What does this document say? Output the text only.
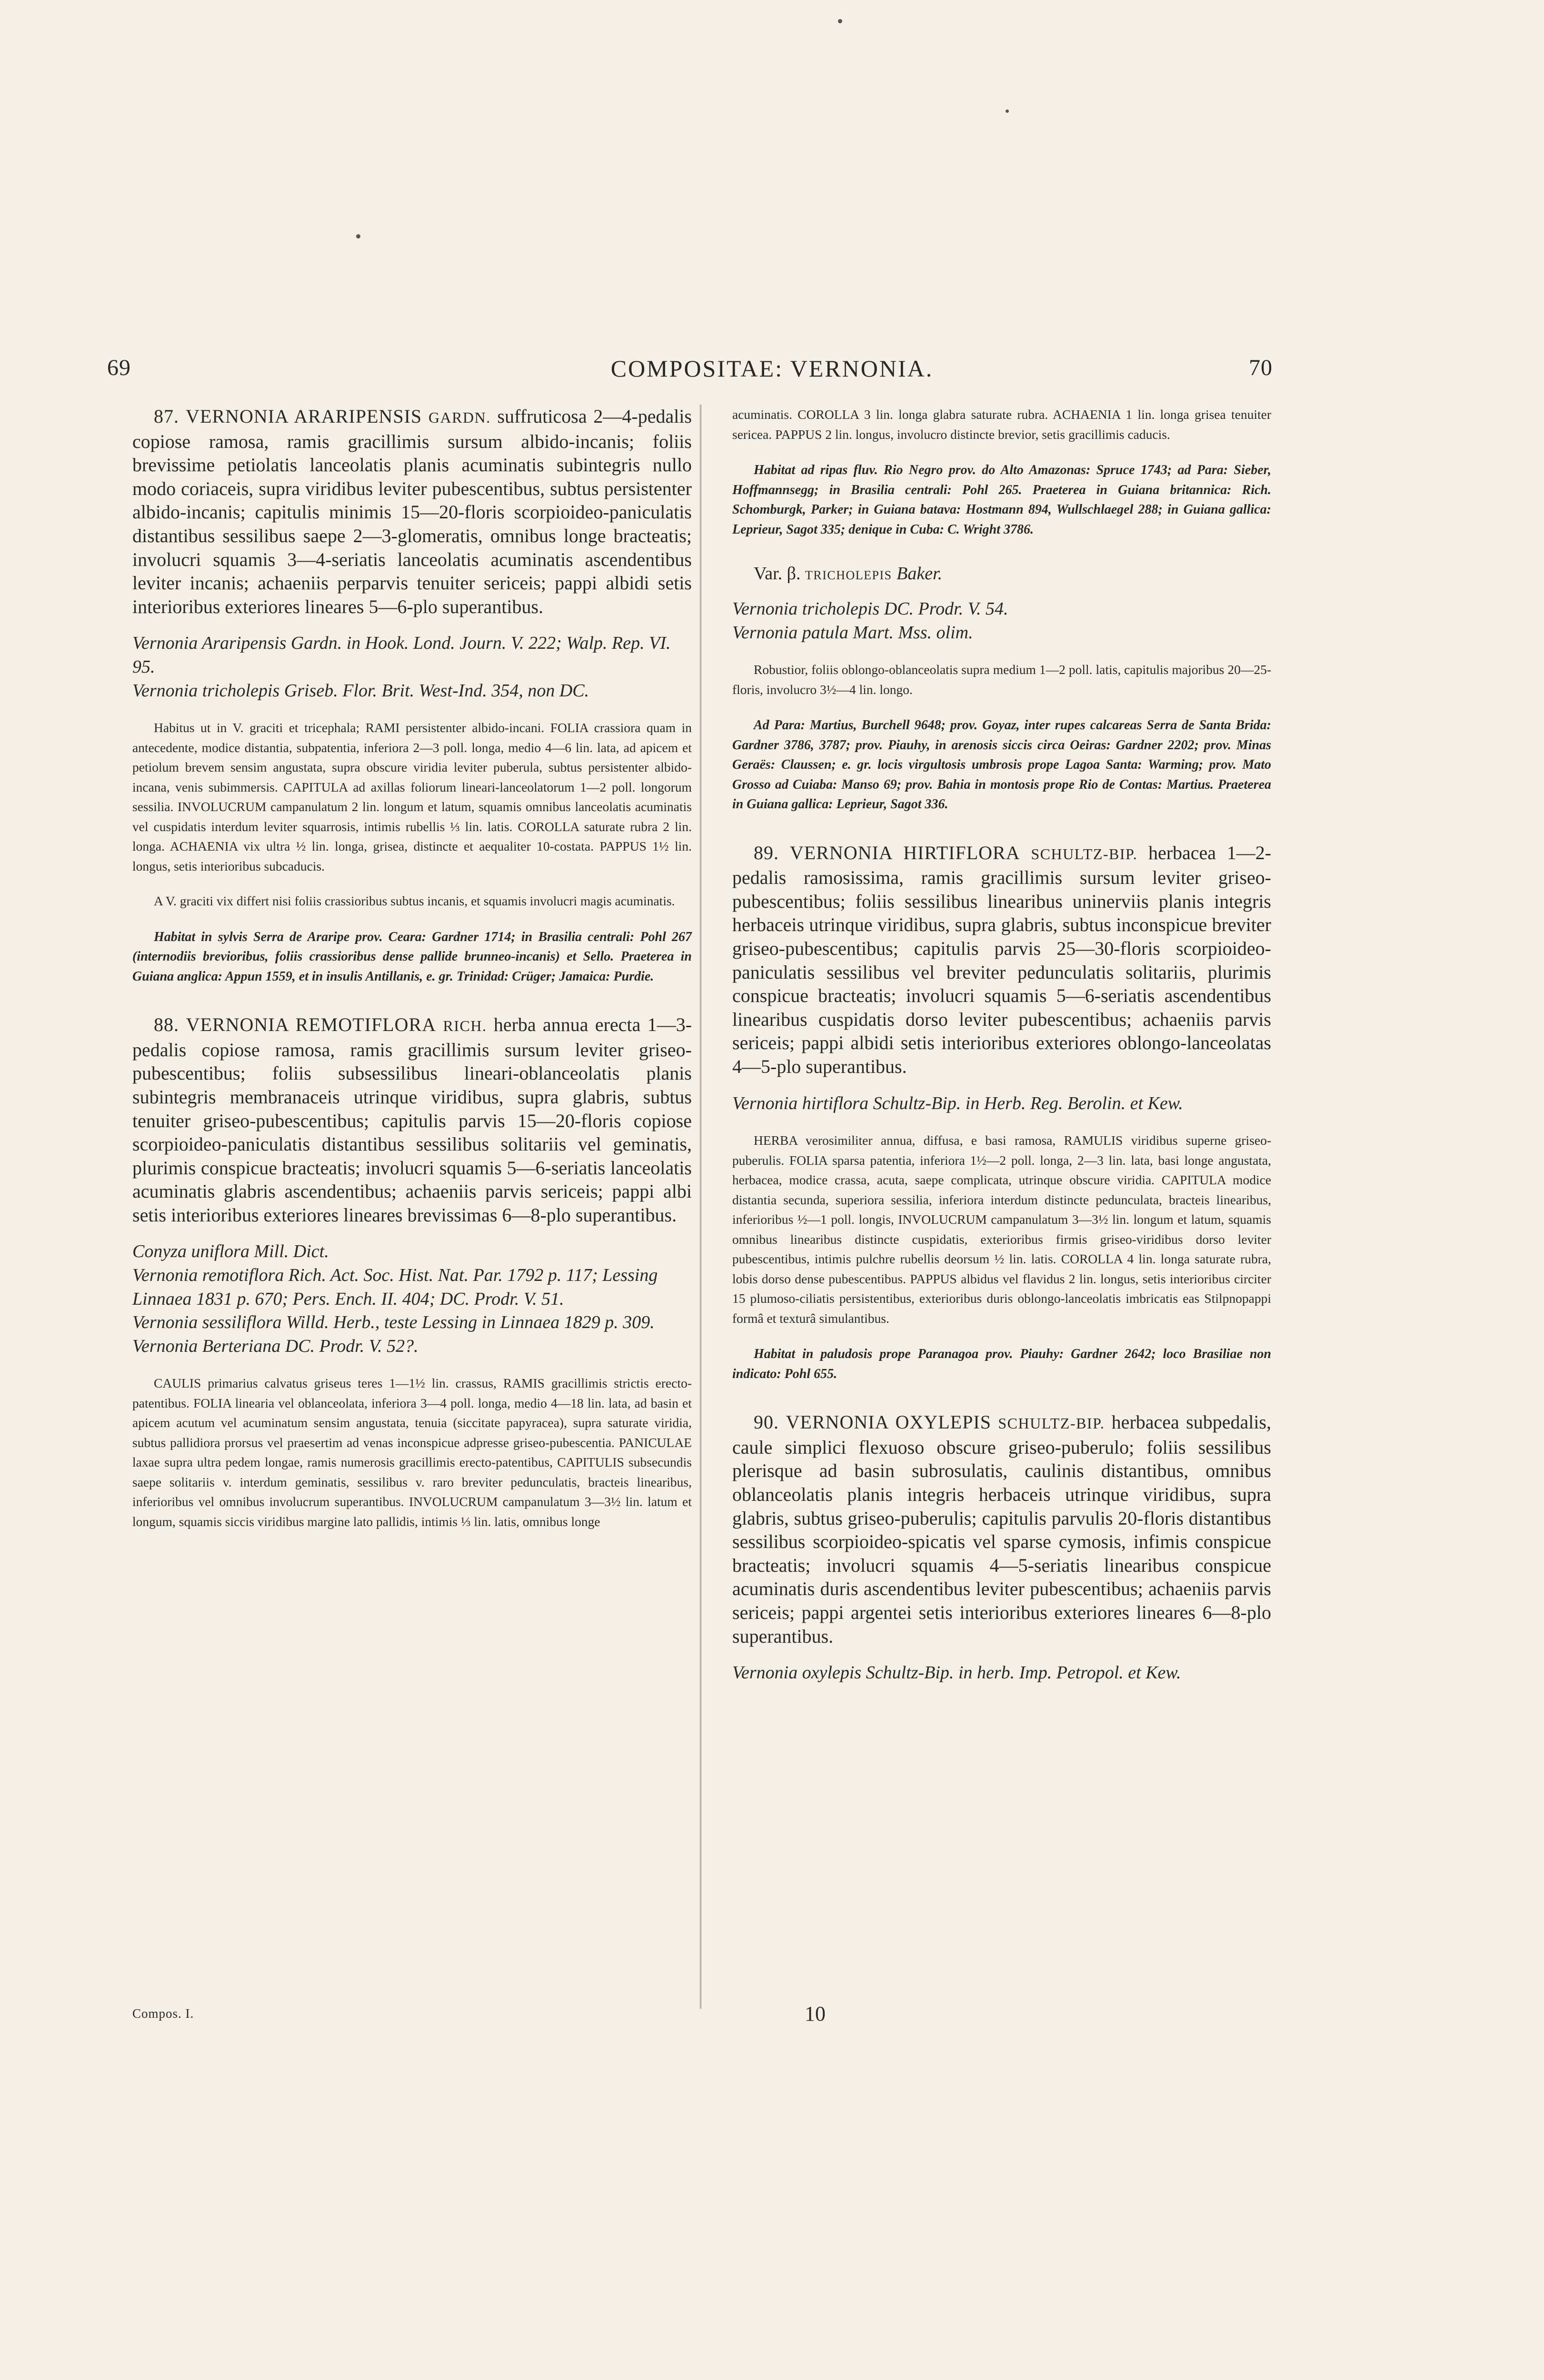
69	COMPOSITAE: VERNONIA.	70

87. VERNONIA ARARIPENSIS GARDN. suffruticosa 2—4-pedalis copiose ramosa, ramis gracillimis sursum albido-incanis; foliis brevissime petiolatis lanceolatis planis acuminatis subintegris nullo modo coriaceis, supra viridibus leviter pubescentibus, subtus persistenter albido-incanis; capitulis minimis 15—20-floris scorpioideo-paniculatis distantibus sessilibus saepe 2—3-glomeratis, omnibus longe bracteatis; involucri squamis 3—4-seriatis lanceolatis acuminatis ascendentibus leviter incanis; achaeniis perparvis tenuiter sericeis; pappi albidi setis interioribus exteriores lineares 5—6-plo superantibus.

Vernonia Araripensis Gardn. in Hook. Lond. Journ. V. 222; Walp. Rep. VI. 95.
Vernonia tricholepis Griseb. Flor. Brit. West-Ind. 354, non DC.

Habitus ut in V. graciti et tricephala; RAMI persistenter albido-incani. FOLIA crassiora quam in antecedente, modice distantia, subpatentia, inferiora 2—3 poll. longa, medio 4—6 lin. lata, ad apicem et petiolum brevem sensim angustata, supra obscure viridia leviter puberula, subtus persistenter albido-incana, venis subimmersis. CAPITULA ad axillas foliorum lineari-lanceolatorum 1—2 poll. longorum sessilia. INVOLUCRUM campanulatum 2 lin. longum et latum, squamis omnibus lanceolatis acuminatis vel cuspidatis interdum leviter squarrosis, intimis rubellis ⅓ lin. latis. COROLLA saturate rubra 2 lin. longa. ACHAENIA vix ultra ½ lin. longa, grisea, distincte et aequaliter 10-costata. PAPPUS 1½ lin. longus, setis interioribus subcaducis.

A V. graciti vix differt nisi foliis crassioribus subtus incanis, et squamis involucri magis acuminatis.

Habitat in sylvis Serra de Araripe prov. Ceara: Gardner 1714; in Brasilia centrali: Pohl 267 (internodiis brevioribus, foliis crassioribus dense pallide brunneo-incanis) et Sello. Praeterea in Guiana anglica: Appun 1559, et in insulis Antillanis, e. gr. Trinidad: Crüger; Jamaica: Purdie.

88. VERNONIA REMOTIFLORA RICH. herba annua erecta 1—3-pedalis copiose ramosa, ramis gracillimis sursum leviter griseo-pubescentibus; foliis subsessilibus lineari-oblanceolatis planis subintegris membranaceis utrinque viridibus, supra glabris, subtus tenuiter griseo-pubescentibus; capitulis parvis 15—20-floris copiose scorpioideo-paniculatis distantibus sessilibus solitariis vel geminatis, plurimis conspicue bracteatis; involucri squamis 5—6-seriatis lanceolatis acuminatis glabris ascendentibus; achaeniis parvis sericeis; pappi albi setis interioribus exteriores lineares brevissimas 6—8-plo superantibus.

Conyza uniflora Mill. Dict.
Vernonia remotiflora Rich. Act. Soc. Hist. Nat. Par. 1792 p. 117; Lessing Linnaea 1831 p. 670; Pers. Ench. II. 404; DC. Prodr. V. 51.
Vernonia sessiliflora Willd. Herb., teste Lessing in Linnaea 1829 p. 309.
Vernonia Berteriana DC. Prodr. V. 52?.

CAULIS primarius calvatus griseus teres 1—1½ lin. crassus, RAMIS gracillimis strictis erecto-patentibus. FOLIA linearia vel oblanceolata, inferiora 3—4 poll. longa, medio 4—18 lin. lata, ad basin et apicem acutum vel acuminatum sensim angustata, tenuia (siccitate papyracea), supra saturate viridia, subtus pallidiora prorsus vel praesertim ad venas inconspicue adpresse griseo-pubescentia. PANICULAE laxae supra ultra pedem longae, ramis numerosis gracillimis erecto-patentibus, CAPITULIS subsecundis saepe solitariis v. interdum geminatis, sessilibus v. raro breviter pedunculatis, bracteis linearibus, inferioribus vel omnibus involucrum superantibus. INVOLUCRUM campanulatum 3—3½ lin. latum et longum, squamis siccis viridibus margine lato pallidis, intimis ⅓ lin. latis, omnibus longe

Compos. I.

acuminatis. COROLLA 3 lin. longa glabra saturate rubra. ACHAENIA 1 lin. longa grisea tenuiter sericea. PAPPUS 2 lin. longus, involucro distincte brevior, setis gracillimis caducis.

Habitat ad ripas fluv. Rio Negro prov. do Alto Amazonas: Spruce 1743; ad Para: Sieber, Hoffmannsegg; in Brasilia centrali: Pohl 265. Praeterea in Guiana britannica: Rich. Schomburgk, Parker; in Guiana batava: Hostmann 894, Wullschlaegel 288; in Guiana gallica: Leprieur, Sagot 335; denique in Cuba: C. Wright 3786.

Var. β. TRICHOLEPIS Baker.
Vernonia tricholepis DC. Prodr. V. 54.
Vernonia patula Mart. Mss. olim.

Robustior, foliis oblongo-oblanceolatis supra medium 1—2 poll. latis, capitulis majoribus 20—25-floris, involucro 3½—4 lin. longo.

Ad Para: Martius, Burchell 9648; prov. Goyaz, inter rupes calcareas Serra de Santa Brida: Gardner 3786, 3787; prov. Piauhy, in arenosis siccis circa Oeiras: Gardner 2202; prov. Minas Geraës: Claussen; e. gr. locis virgultosis umbrosis prope Lagoa Santa: Warming; prov. Mato Grosso ad Cuiaba: Manso 69; prov. Bahia in montosis prope Rio de Contas: Martius. Praeterea in Guiana gallica: Leprieur, Sagot 336.

89. VERNONIA HIRTIFLORA SCHULTZ-BIP. herbacea 1—2-pedalis ramosissima, ramis gracillimis sursum leviter griseo-pubescentibus; foliis sessilibus linearibus uninerviis planis integris herbaceis utrinque viridibus, supra glabris, subtus inconspicue breviter griseo-pubescentibus; capitulis parvis 25—30-floris scorpioideo-paniculatis sessilibus vel breviter pedunculatis solitariis, plurimis conspicue bracteatis; involucri squamis 5—6-seriatis ascendentibus linearibus cuspidatis dorso leviter pubescentibus; achaeniis parvis sericeis; pappi albidi setis interioribus exteriores oblongo-lanceolatas 4—5-plo superantibus.

Vernonia hirtiflora Schultz-Bip. in Herb. Reg. Berolin. et Kew.

HERBA verosimiliter annua, diffusa, e basi ramosa, RAMULIS viridibus superne griseo-puberulis. FOLIA sparsa patentia, inferiora 1½—2 poll. longa, 2—3 lin. lata, basi longe angustata, herbacea, modice crassa, acuta, saepe complicata, utrinque obscure viridia. CAPITULA modice distantia secunda, superiora sessilia, inferiora interdum distincte pedunculata, bracteis linearibus, inferioribus ½—1 poll. longis, INVOLUCRUM campanulatum 3—3½ lin. longum et latum, squamis omnibus linearibus distincte cuspidatis, exterioribus firmis griseo-viridibus dorso leviter pubescentibus, intimis pulchre rubellis deorsum ½ lin. latis. COROLLA 4 lin. longa saturate rubra, lobis dorso dense pubescentibus. PAPPUS albidus vel flavidus 2 lin. longus, setis interioribus circiter 15 plumoso-ciliatis persistentibus, exterioribus duris oblongo-lanceolatis imbricatis eas Stilpnopappi formâ et texturâ simulantibus.

Habitat in paludosis prope Paranagoa prov. Piauhy: Gardner 2642; loco Brasiliae non indicato: Pohl 655.

90. VERNONIA OXYLEPIS SCHULTZ-BIP. herbacea subpedalis, caule simplici flexuoso obscure griseo-puberulo; foliis sessilibus plerisque ad basin subrosulatis, caulinis distantibus, omnibus oblanceolatis planis integris herbaceis utrinque viridibus, supra glabris, subtus griseo-puberulis; capitulis parvulis 20-floris distantibus sessilibus scorpioideo-spicatis vel sparse cymosis, infimis conspicue bracteatis; involucri squamis 4—5-seriatis linearibus conspicue acuminatis duris ascendentibus leviter pubescentibus; achaeniis parvis sericeis; pappi argentei setis interioribus exteriores lineares 6—8-plo superantibus.

Vernonia oxylepis Schultz-Bip. in herb. Imp. Petropol. et Kew.
10
